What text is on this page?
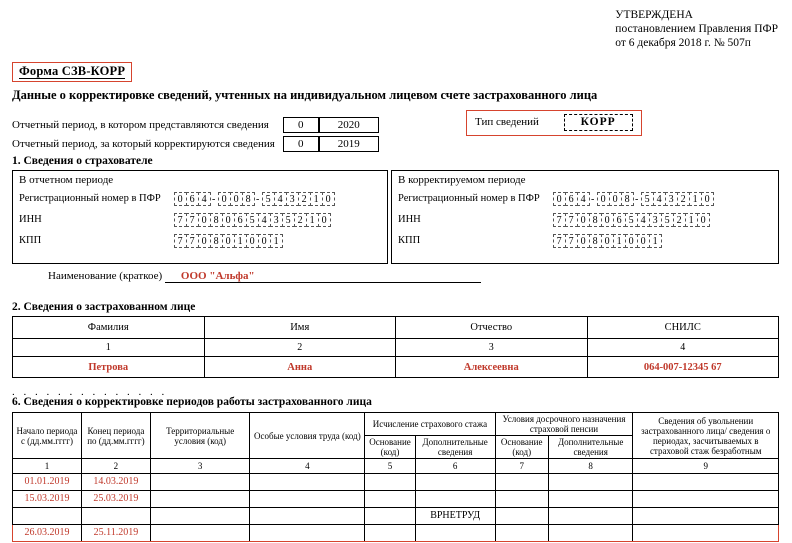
УТВЕРЖДЕНА
постановлением Правления ПФР
от 6 декабря 2018 г. № 507п
Форма СЗВ-КОРР
Данные о корректировке сведений, учтенных на индивидуальном лицевом счете застрахованного лица
Отчетный период, в котором представляются сведения	0	2020
Отчетный период, за который корректируются сведения 0	2019
Тип сведений	КОРР
1. Сведения о страхователе
В отчетном периоде
Регистрационный номер в ПФР 0 6 4 - 0 0 8 - 5 4 3 2 1 0
ИНН	7 7 0 8 0 6 5 4 3 5 2 1 0
КПП	7 7 0 8 0 1 0 0 1
В корректируемом периоде
Регистрационный номер в ПФР 0 6 4 - 0 0 8 - 5 4 3 2 1 0
ИНН	7 7 0 8 0 6 5 4 3 5 2 1 0
КПП	7 7 0 8 0 1 0 0 1
Наименование (краткое) ООО "Альфа"
2. Сведения о застрахованном лице
Фамилия	Имя	Отчество	СНИЛС
1	2	3	4
Петрова	Анна	Алексеевна	064-007-12345 67
. . . . . . . . . . . . . .
6. Сведения о корректировке периодов работы застрахованного лица
Начало периода с (дд.мм.гггг)	Конец периода по (дд.мм.гггг)	Территориальные условия (код)	Особые условия труда (код)	Исчисление страхового стажа		Условия досрочного назначения страховой пенсии		Сведения об увольнении застрахованного лица/ сведения о периодах, засчитываемых в страховой стаж безработным
				Основание (код)	Дополнительные сведения	Основание (код)	Дополнительные сведения	
1	2	3	4	5	6	7	8	9
01.01.2019	14.03.2019							
15.03.2019	25.03.2019							
					ВРНЕТРУД			
26.03.2019	25.11.2019							
